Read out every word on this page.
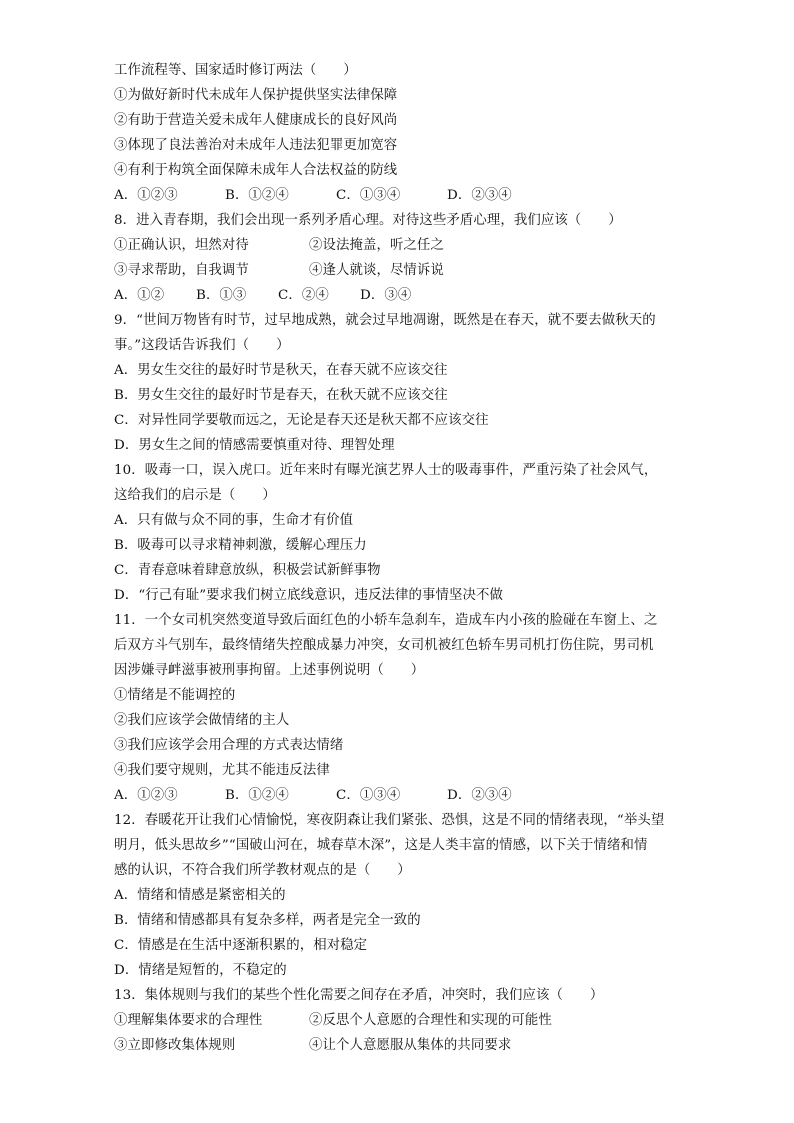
工作流程等、国家适时修订两法（　　）
①为做好新时代未成年人保护提供坚实法律保障
②有助于营造关爱未成年人健康成长的良好风尚
③体现了良法善治对未成年人违法犯罪更加宽容
④有利于构筑全面保障未成年人合法权益的防线
A．①②③	B．①②④	C．①③④	D．②③④
8．进入青春期，我们会出现一系列矛盾心理。对待这些矛盾心理，我们应该（　　）
①正确认识，坦然对待	②设法掩盖，听之任之
③寻求帮助，自我调节	④逢人就谈，尽情诉说
A．①②	B．①③	C．②④	D．③④
9．“世间万物皆有时节，过早地成熟，就会过早地凋谢，既然是在春天，就不要去做秋天的
事。”这段话告诉我们（　　）
A．男女生交往的最好时节是秋天，在春天就不应该交往
B．男女生交往的最好时节是春天，在秋天就不应该交往
C．对异性同学要敬而远之，无论是春天还是秋天都不应该交往
D．男女生之间的情感需要慎重对待、理智处理
10．吸毒一口，误入虎口。近年来时有曝光演艺界人士的吸毒事件，严重污染了社会风气，
这给我们的启示是（　　）
A．只有做与众不同的事，生命才有价值
B．吸毒可以寻求精神刺激，缓解心理压力
C．青春意味着肆意放纵，积极尝试新鲜事物
D．“行己有耻”要求我们树立底线意识，违反法律的事情坚决不做
11．一个女司机突然变道导致后面红色的小轿车急刹车，造成车内小孩的脸碰在车窗上、之
后双方斗气别车，最终情绪失控酿成暴力冲突，女司机被红色轿车男司机打伤住院，男司机
因涉嫌寻衅滋事被刑事拘留。上述事例说明（　　）
①情绪是不能调控的
②我们应该学会做情绪的主人
③我们应该学会用合理的方式表达情绪
④我们要守规则，尤其不能违反法律
A．①②③	B．①②④	C．①③④	D．②③④
12．春暖花开让我们心情愉悦，寒夜阴森让我们紧张、恐惧，这是不同的情绪表现，“举头望
明月，低头思故乡”“国破山河在，城春草木深”，这是人类丰富的情感，以下关于情绪和情
感的认识，不符合我们所学教材观点的是（　　）
A．情绪和情感是紧密相关的
B．情绪和情感都具有复杂多样，两者是完全一致的
C．情感是在生活中逐渐积累的，相对稳定
D．情绪是短暂的，不稳定的
13．集体规则与我们的某些个性化需要之间存在矛盾，冲突时，我们应该（　　）
①理解集体要求的合理性	②反思个人意愿的合理性和实现的可能性
③立即修改集体规则	④让个人意愿服从集体的共同要求
